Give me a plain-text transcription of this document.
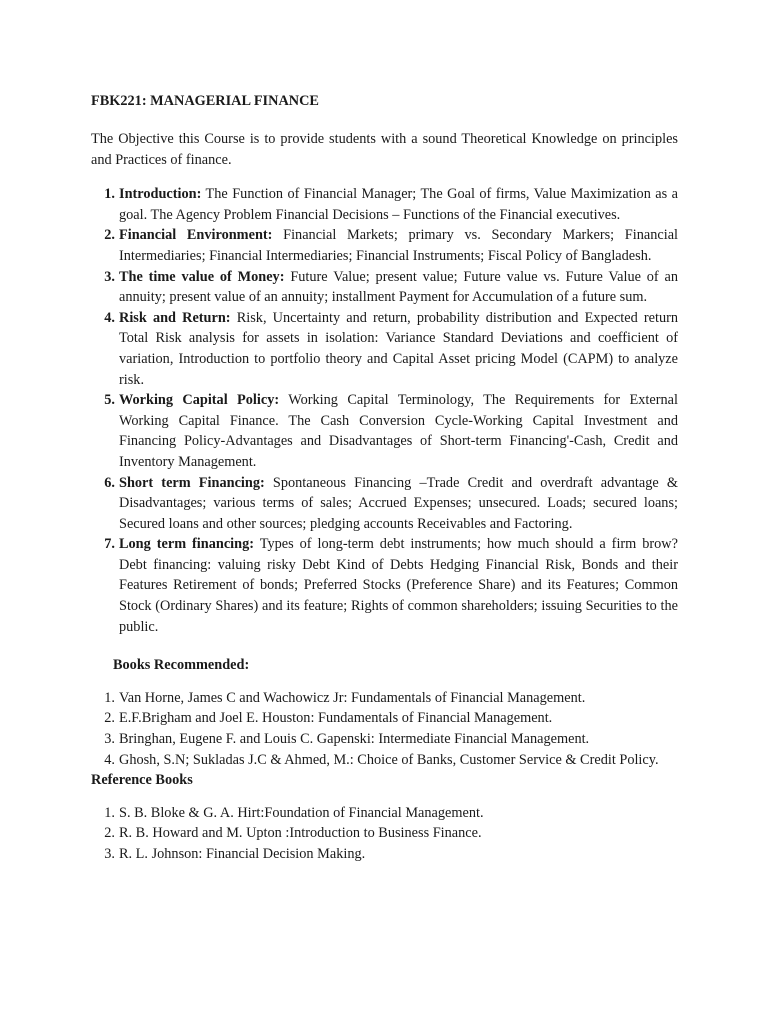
FBK221: MANAGERIAL FINANCE

The Objective this Course is to provide students with a sound Theoretical Knowledge on principles and Practices of finance.

1. Introduction: The Function of Financial Manager; The Goal of firms, Value Maximization as a goal. The Agency Problem Financial Decisions – Functions of the Financial executives.
2. Financial Environment: Financial Markets; primary vs. Secondary Markers; Financial Intermediaries; Financial Intermediaries; Financial Instruments; Fiscal Policy of Bangladesh.
3. The time value of Money: Future Value; present value; Future value vs. Future Value of an annuity; present value of an annuity; installment Payment for Accumulation of a future sum.
4. Risk and Return: Risk, Uncertainty and return, probability distribution and Expected return Total Risk analysis for assets in isolation: Variance Standard Deviations and coefficient of variation, Introduction to portfolio theory and Capital Asset pricing Model (CAPM) to analyze risk.
5. Working Capital Policy: Working Capital Terminology, The Requirements for External Working Capital Finance. The Cash Conversion Cycle-Working Capital Investment and Financing Policy-Advantages and Disadvantages of Short-term Financing'-Cash, Credit and Inventory Management.
6. Short term Financing: Spontaneous Financing –Trade Credit and overdraft advantage & Disadvantages; various terms of sales; Accrued Expenses; unsecured. Loads; secured loans; Secured loans and other sources; pledging accounts Receivables and Factoring.
7. Long term financing: Types of long-term debt instruments; how much should a firm brow? Debt financing: valuing risky Debt Kind of Debts Hedging Financial Risk, Bonds and their Features Retirement of bonds; Preferred Stocks (Preference Share) and its Features; Common Stock (Ordinary Shares) and its feature; Rights of common shareholders; issuing Securities to the public.

Books Recommended:

1. Van Horne, James C and Wachowicz Jr: Fundamentals of Financial Management.
2. E.F.Brigham and Joel E. Houston: Fundamentals of Financial Management.
3. Bringhan, Eugene F. and Louis C. Gapenski: Intermediate Financial Management.
4. Ghosh, S.N; Sukladas J.C & Ahmed, M.: Choice of Banks, Customer Service & Credit Policy.

Reference Books

1. S. B. Bloke & G. A. Hirt:Foundation of Financial Management.
2. R. B. Howard and M. Upton :Introduction to Business Finance.
3. R. L. Johnson: Financial Decision Making.
